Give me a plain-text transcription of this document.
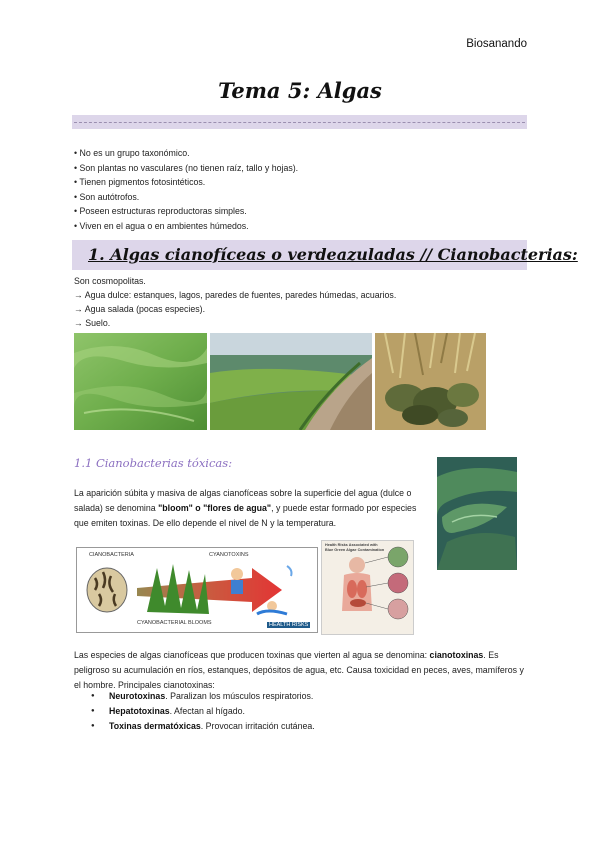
Biosanando
Tema 5: Algas
• No es un grupo taxonómico.
• Son plantas no vasculares (no tienen raíz, tallo y hojas).
• Tienen pigmentos fotosintéticos.
• Son autótrofos.
• Poseen estructuras reproductoras simples.
• Viven en el agua o en ambientes húmedos.
1. Algas cianofíceas o verdeazuladas // Cianobacterias:
Son cosmopolitas.
→ Agua dulce: estanques, lagos, paredes de fuentes, paredes húmedas, acuarios.
→ Agua salada (pocas especies).
→ Suelo.
1.1 Cianobacterias tóxicas:
La aparición súbita y masiva de algas cianofíceas sobre la superficie del agua (dulce o salada) se denomina "bloom" o "flores de agua", y puede estar formado por especies que emiten toxinas. De ello depende el nivel de N y la temperatura.
CIANOBACTERIA	CYANOTOXINS
CYANOBACTERIAL BLOOMS	HEALTH RISKS
Health Risks Associated with Blue Green Algae Contamination
Las especies de algas cianofíceas que producen toxinas que vierten al agua se denomina: cianotoxinas. Es peligroso su acumulación en ríos, estanques, depósitos de agua, etc. Causa toxicidad en peces, aves, mamíferos y el hombre. Principales cianotoxinas:
● Neurotoxinas. Paralizan los músculos respiratorios.
● Hepatotoxinas. Afectan al hígado.
● Toxinas dermatóxicas. Provocan irritación cutánea.
